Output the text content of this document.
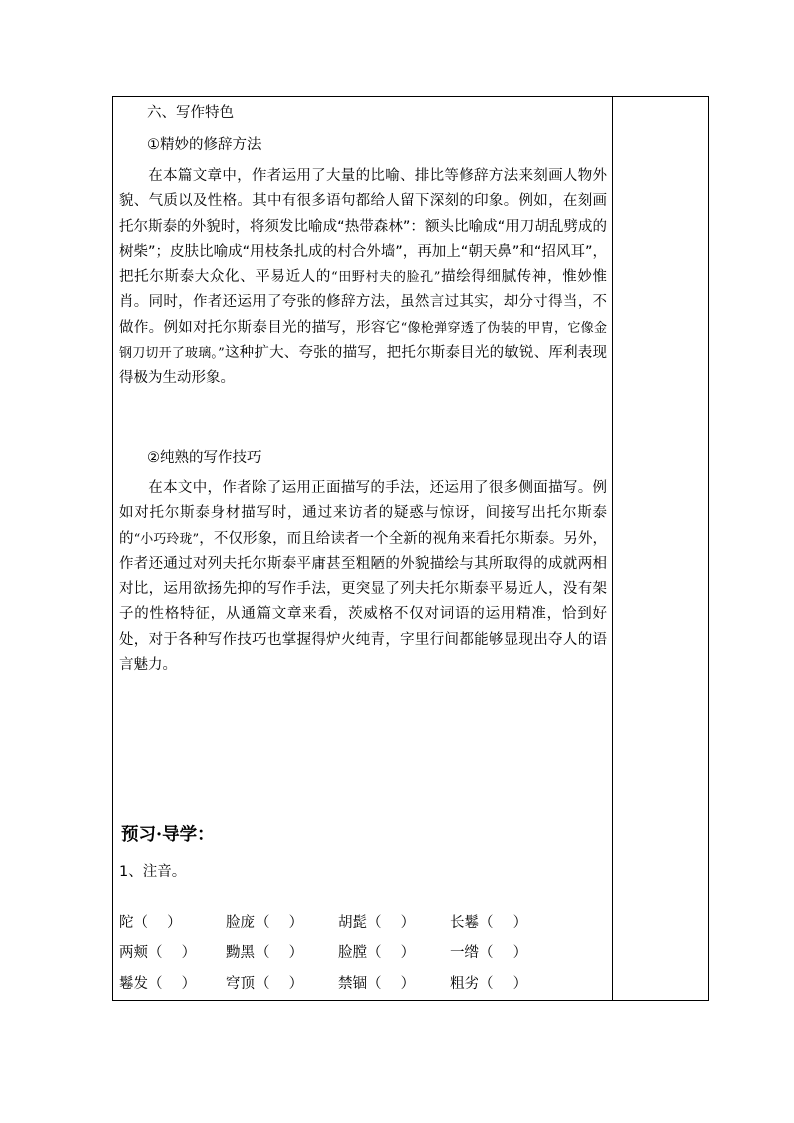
六、写作特色
①精妙的修辞方法
在本篇文章中，作者运用了大量的比喻、排比等修辞方法来刻画人物外貌、气质以及性格。其中有很多语句都给人留下深刻的印象。例如，在刻画托尔斯泰的外貌时，将须发比喻成“热带森林”：额头比喻成“用刀胡乱劈成的树柴”；皮肤比喻成“用枝条扎成的村合外墙”，再加上“朝天鼻”和“招风耳”，把托尔斯泰大众化、平易近人的“田野村夫的脸孔”描绘得细腻传神，惟妙惟肖。同时，作者还运用了夸张的修辞方法，虽然言过其实，却分寸得当，不做作。例如对托尔斯泰目光的描写，形容它“像枪弹穿透了伪装的甲胄，它像金钢刀切开了玻璃。”这种扩大、夸张的描写，把托尔斯泰目光的敏锐、厍利表现得极为生动形象。
②纯熟的写作技巧
在本文中，作者除了运用正面描写的手法，还运用了很多侧面描写。例如对托尔斯泰身材描写时，通过来访者的疑惑与惊讶，间接写出托尔斯泰的“小巧玲珑”，不仅形象，而且给读者一个全新的视角来看托尔斯泰。另外，作者还通过对列夫托尔斯泰平庸甚至粗陋的外貌描绘与其所取得的成就两相对比，运用欲扬先抑的写作手法，更突显了列夫托尔斯泰平易近人，没有架子的性格特征，从通篇文章来看，茨威格不仅对词语的运用精准，恰到好处，对于各种写作技巧也掌握得炉火纯青，字里行间都能够显现出夺人的语言魅力。
预习·导学：
1、注音。
陀（　 ）	脸庞（　 ） 胡髭（　 ） 长鬈（　 ）
两颊（　 ） 黝黑（　 ） 脸膛（　 ） 一绺（　 ）
鬈发（　 ） 穹顶（　 ） 禁锢（　 ） 粗劣（　 ）
